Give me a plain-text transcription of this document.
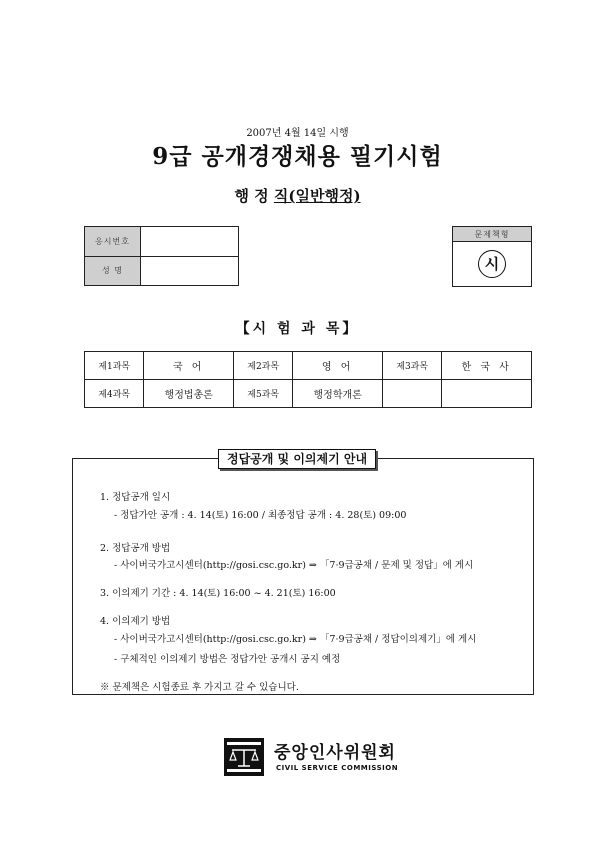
2007년 4월 14일 시행
9급 공개경쟁채용 필기시험
행 정 직(일반행정)
응시번호	
성 명	
문제책형
시
【시 험 과 목】
제1과목	국 어	제2과목	영 어	제3과목	한 국 사
제4과목	행정법총론	제5과목	행정학개론		
정답공개 및 이의제기 안내
1. 정답공개 일시
- 정답가안 공개 : 4. 14(토) 16:00 / 최종정답 공개 : 4. 28(토) 09:00
2. 정답공개 방법
- 사이버국가고시센터(http://gosi.csc.go.kr) ⇒ 「7·9급공채 / 문제 및 정답」에 게시
3. 이의제기 기간 : 4. 14(토) 16:00 ~ 4. 21(토) 16:00
4. 이의제기 방법
- 사이버국가고시센터(http://gosi.csc.go.kr) ⇒ 「7·9급공채 / 정답이의제기」에 게시
- 구체적인 이의제기 방법은 정답가안 공개시 공지 예정
※ 문제책은 시험종료 후 가지고 갈 수 있습니다.
중앙인사위원회
CIVIL SERVICE COMMISSION
